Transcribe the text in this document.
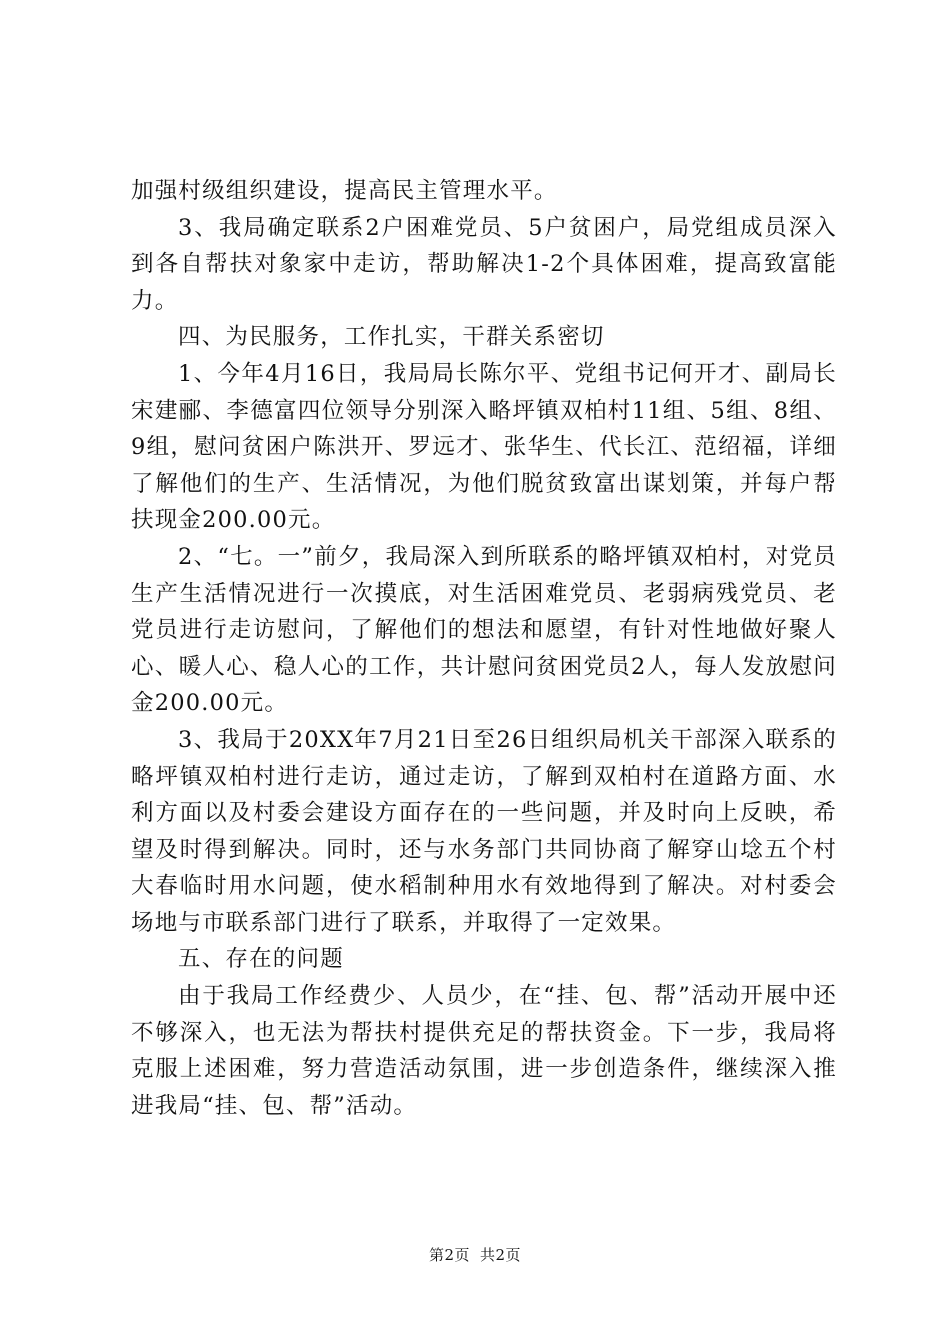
加强村级组织建设，提高民主管理水平。

3、我局确定联系2户困难党员、5户贫困户，局党组成员深入到各自帮扶对象家中走访，帮助解决1-2个具体困难，提高致富能力。

四、为民服务，工作扎实，干群关系密切

1、今年4月16日，我局局长陈尔平、党组书记何开才、副局长宋建郦、李德富四位领导分别深入略坪镇双柏村11组、5组、8组、9组，慰问贫困户陈洪开、罗远才、张华生、代长江、范绍福，详细了解他们的生产、生活情况，为他们脱贫致富出谋划策，并每户帮扶现金200.00元。

2、“七。一”前夕，我局深入到所联系的略坪镇双柏村，对党员生产生活情况进行一次摸底，对生活困难党员、老弱病残党员、老党员进行走访慰问，了解他们的想法和愿望，有针对性地做好聚人心、暖人心、稳人心的工作，共计慰问贫困党员2人，每人发放慰问金200.00元。

3、我局于20XX年7月21日至26日组织局机关干部深入联系的略坪镇双柏村进行走访，通过走访，了解到双柏村在道路方面、水利方面以及村委会建设方面存在的一些问题，并及时向上反映，希望及时得到解决。同时，还与水务部门共同协商了解穿山埝五个村大春临时用水问题，使水稻制种用水有效地得到了解决。对村委会场地与市联系部门进行了联系，并取得了一定效果。

五、存在的问题

由于我局工作经费少、人员少，在“挂、包、帮”活动开展中还不够深入，也无法为帮扶村提供充足的帮扶资金。下一步，我局将克服上述困难，努力营造活动氛围，进一步创造条件，继续深入推进我局“挂、包、帮”活动。

第2页 共2页
